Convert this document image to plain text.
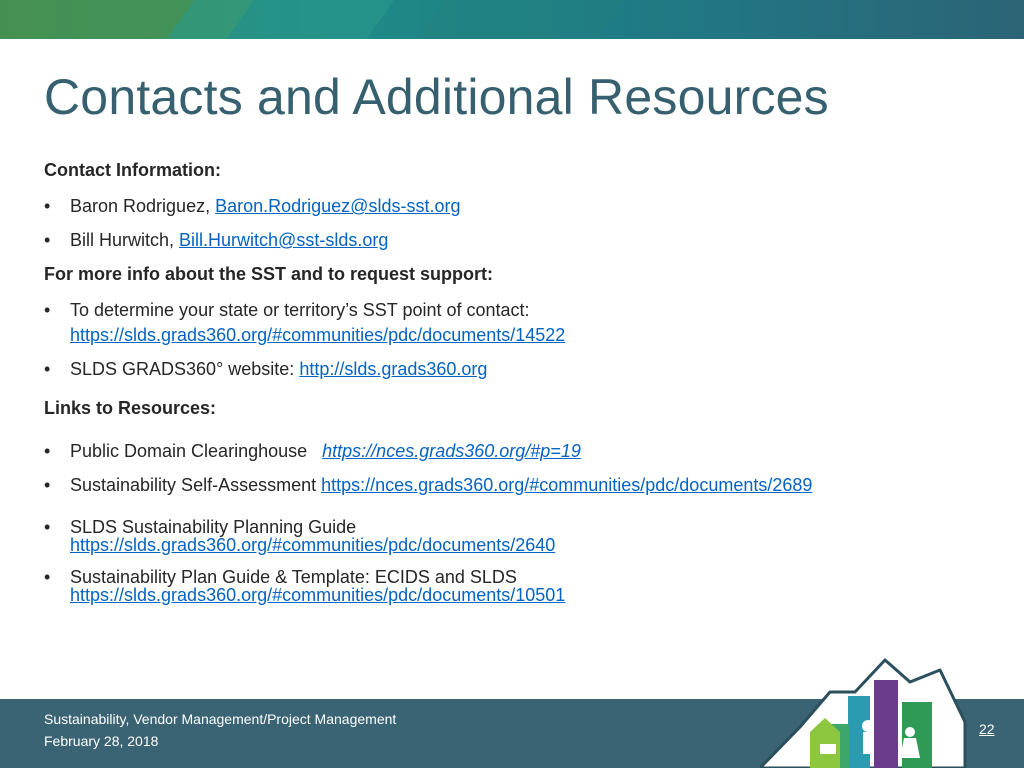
Contacts and Additional Resources
Contact Information:
• Baron Rodriguez, Baron.Rodriguez@slds-sst.org
• Bill Hurwitch, Bill.Hurwitch@sst-slds.org
For more info about the SST and to request support:
• To determine your state or territory’s SST point of contact:
https://slds.grads360.org/#communities/pdc/documents/14522
• SLDS GRADS360° website: http://slds.grads360.org
Links to Resources:
• Public Domain Clearinghouse   https://nces.grads360.org/#p=19
• Sustainability Self-Assessment https://nces.grads360.org/#communities/pdc/documents/2689
• SLDS Sustainability Planning Guide
https://slds.grads360.org/#communities/pdc/documents/2640
• Sustainability Plan Guide & Template: ECIDS and SLDS
https://slds.grads360.org/#communities/pdc/documents/10501
Sustainability, Vendor Management/Project Management
February 28, 2018
22
